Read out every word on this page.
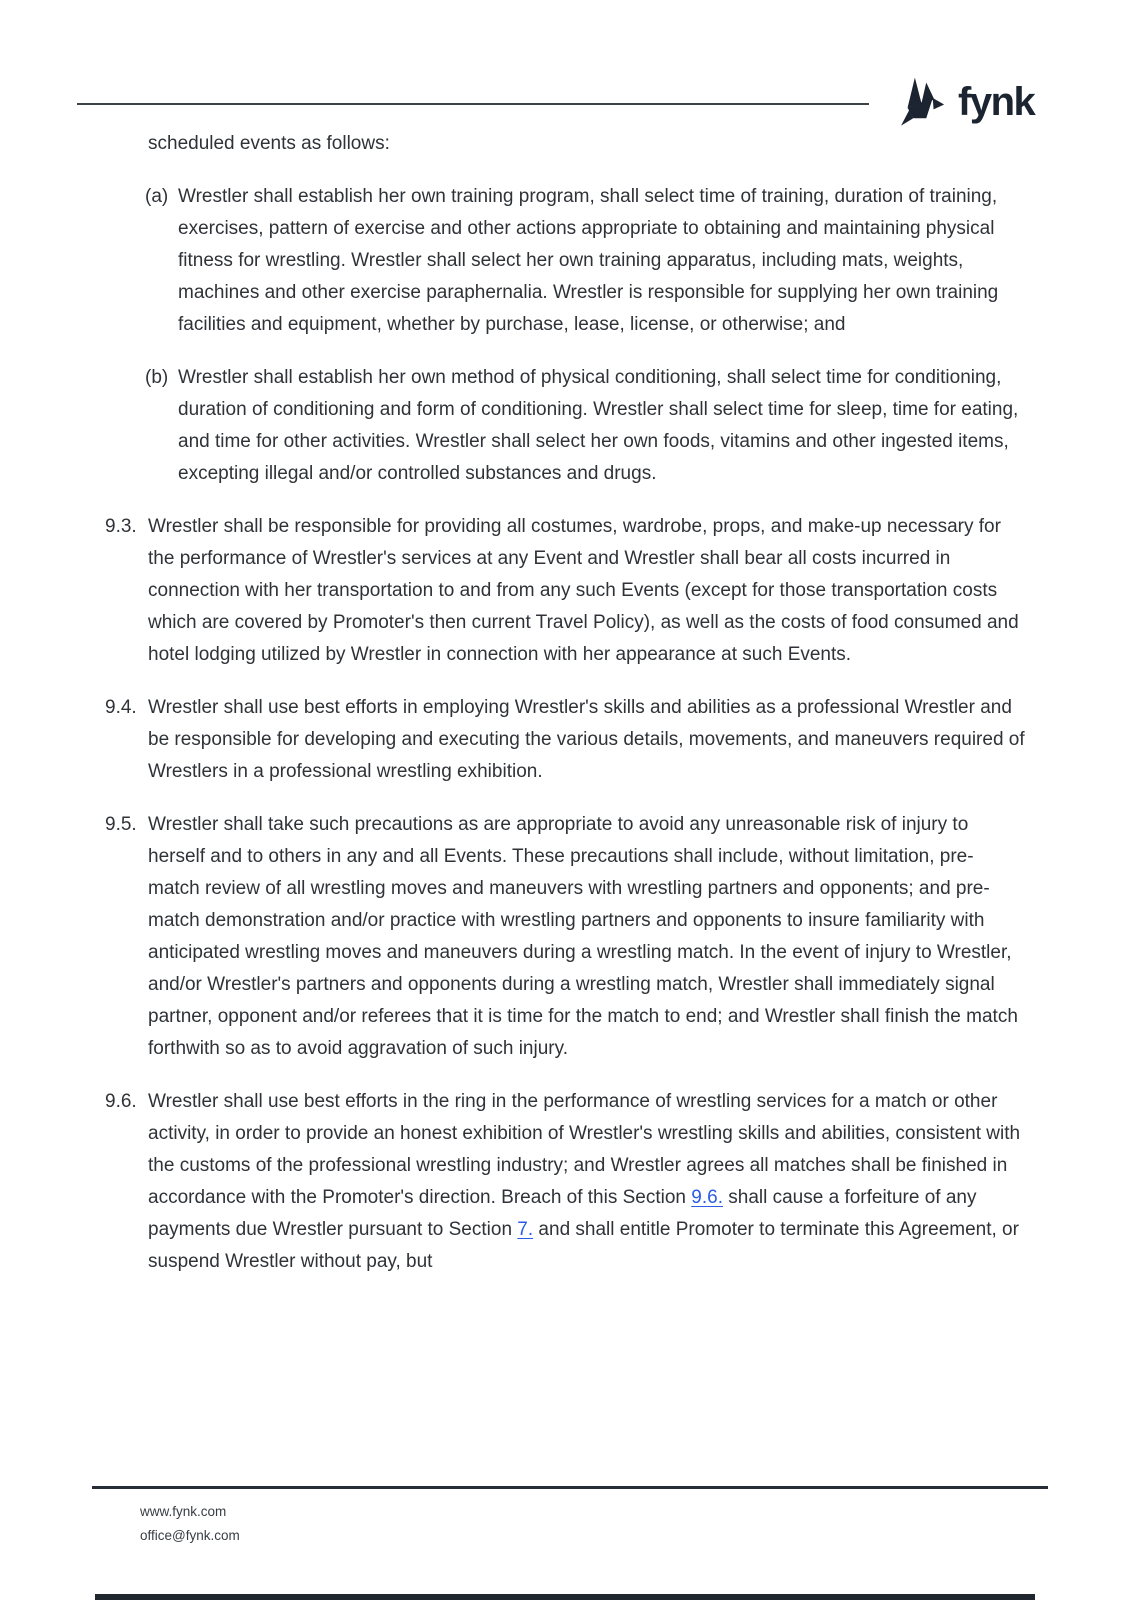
fynk

scheduled events as follows:

(a) Wrestler shall establish her own training program, shall select time of training, duration of training, exercises, pattern of exercise and other actions appropriate to obtaining and maintaining physical fitness for wrestling. Wrestler shall select her own training apparatus, including mats, weights, machines and other exercise paraphernalia. Wrestler is responsible for supplying her own training facilities and equipment, whether by purchase, lease, license, or otherwise; and
(b) Wrestler shall establish her own method of physical conditioning, shall select time for conditioning, duration of conditioning and form of conditioning. Wrestler shall select time for sleep, time for eating, and time for other activities. Wrestler shall select her own foods, vitamins and other ingested items, excepting illegal and/or controlled substances and drugs.
9.3. Wrestler shall be responsible for providing all costumes, wardrobe, props, and make-up necessary for the performance of Wrestler's services at any Event and Wrestler shall bear all costs incurred in connection with her transportation to and from any such Events (except for those transportation costs which are covered by Promoter's then current Travel Policy), as well as the costs of food consumed and hotel lodging utilized by Wrestler in connection with her appearance at such Events.
9.4. Wrestler shall use best efforts in employing Wrestler's skills and abilities as a professional Wrestler and be responsible for developing and executing the various details, movements, and maneuvers required of Wrestlers in a professional wrestling exhibition.
9.5. Wrestler shall take such precautions as are appropriate to avoid any unreasonable risk of injury to herself and to others in any and all Events. These precautions shall include, without limitation, pre-match review of all wrestling moves and maneuvers with wrestling partners and opponents; and pre-match demonstration and/or practice with wrestling partners and opponents to insure familiarity with anticipated wrestling moves and maneuvers during a wrestling match. In the event of injury to Wrestler, and/or Wrestler's partners and opponents during a wrestling match, Wrestler shall immediately signal partner, opponent and/or referees that it is time for the match to end; and Wrestler shall finish the match forthwith so as to avoid aggravation of such injury.
9.6. Wrestler shall use best efforts in the ring in the performance of wrestling services for a match or other activity, in order to provide an honest exhibition of Wrestler's wrestling skills and abilities, consistent with the customs of the professional wrestling industry; and Wrestler agrees all matches shall be finished in accordance with the Promoter's direction. Breach of this Section 9.6. shall cause a forfeiture of any payments due Wrestler pursuant to Section 7. and shall entitle Promoter to terminate this Agreement, or suspend Wrestler without pay, but
www.fynk.com
office@fynk.com
